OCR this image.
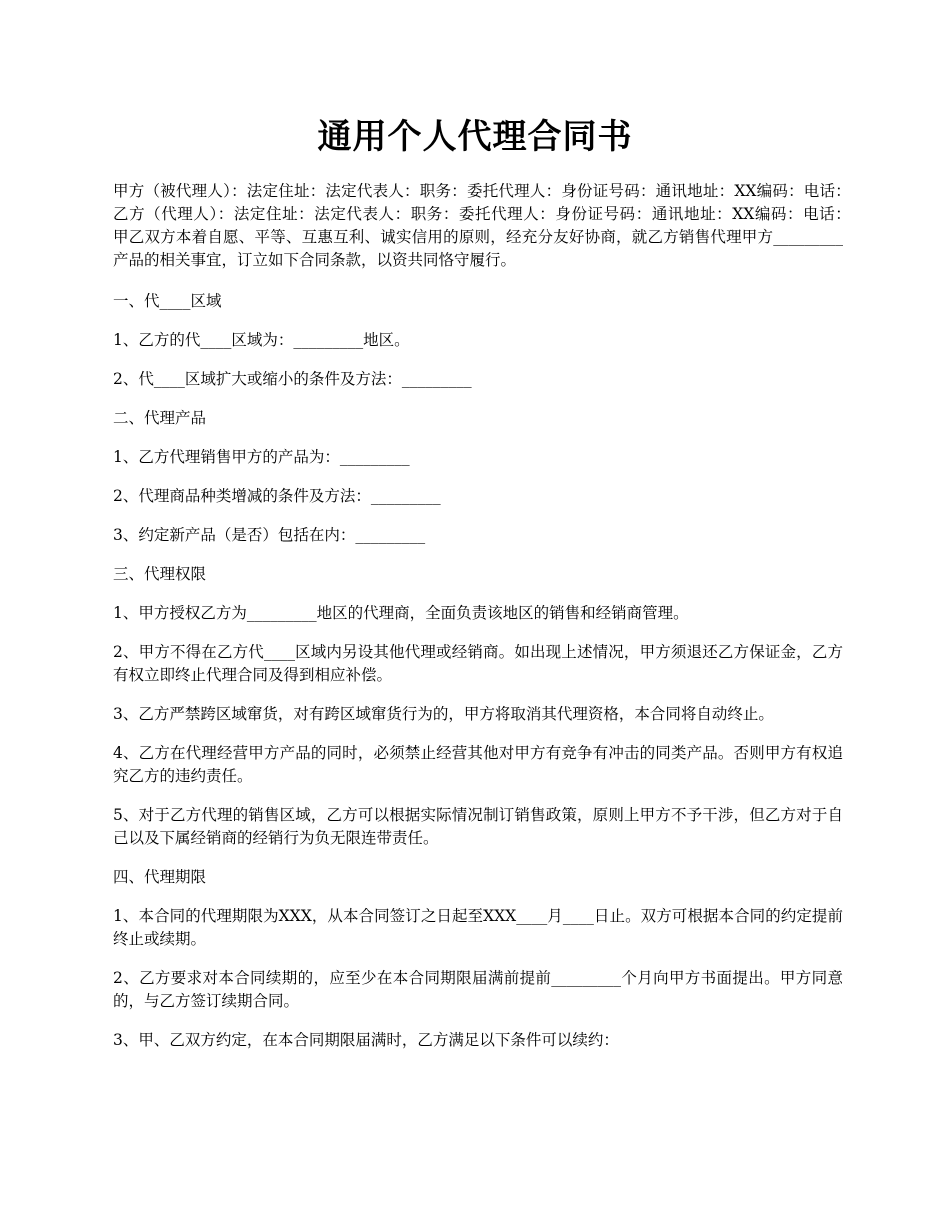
通用个人代理合同书
甲方（被代理人）：法定住址：法定代表人：职务：委托代理人：身份证号码：通讯地址：XX编码：电话：　　乙方（代理人）：法定住址：法定代表人：职务：委托代理人：身份证号码：通讯地址：XX编码：电话：　　甲乙双方本着自愿、平等、互惠互利、诚实信用的原则，经充分友好协商，就乙方销售代理甲方_________产品的相关事宜，订立如下合同条款，以资共同恪守履行。
一、代____区域
1、乙方的代____区域为：_________地区。
2、代____区域扩大或缩小的条件及方法：_________
二、代理产品
1、乙方代理销售甲方的产品为：_________
2、代理商品种类增减的条件及方法：_________
3、约定新产品（是否）包括在内：_________
三、代理权限
1、甲方授权乙方为_________地区的代理商，全面负责该地区的销售和经销商管理。
2、甲方不得在乙方代____区域内另设其他代理或经销商。如出现上述情况，甲方须退还乙方保证金，乙方有权立即终止代理合同及得到相应补偿。
3、乙方严禁跨区域窜货，对有跨区域窜货行为的，甲方将取消其代理资格，本合同将自动终止。
4、乙方在代理经营甲方产品的同时，必须禁止经营其他对甲方有竞争有冲击的同类产品。否则甲方有权追究乙方的违约责任。
5、对于乙方代理的销售区域，乙方可以根据实际情况制订销售政策，原则上甲方不予干涉，但乙方对于自己以及下属经销商的经销行为负无限连带责任。
四、代理期限
1、本合同的代理期限为XXX，从本合同签订之日起至XXX____月____日止。双方可根据本合同的约定提前终止或续期。
2、乙方要求对本合同续期的，应至少在本合同期限届满前提前_________个月向甲方书面提出。甲方同意的，与乙方签订续期合同。
3、甲、乙双方约定，在本合同期限届满时，乙方满足以下条件可以续约：
